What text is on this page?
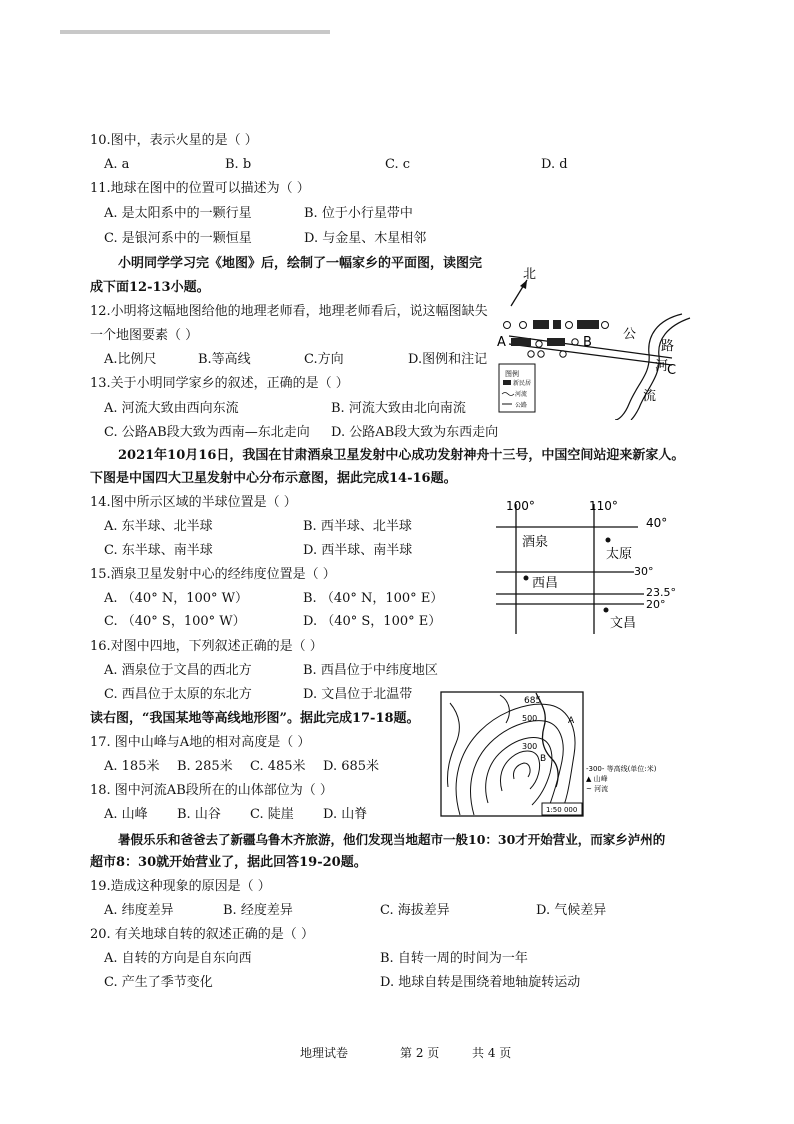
10.图中，表示火星的是（ ）
A. a	B. b	C. c	D. d
11.地球在图中的位置可以描述为（ ）
A. 是太阳系中的一颗行星	B. 位于小行星带中
C. 是银河系中的一颗恒星	D. 与金星、木星相邻
小明同学学习完《地图》后，绘制了一幅家乡的平面图，读图完
成下面12-13小题。
12.小明将这幅地图给他的地理老师看，地理老师看后，说这幅图缺失
一个地图要素（ ）
A.比例尺	B.等高线	C.方向	D.图例和注记
13.关于小明同学家乡的叙述，正确的是（ ）
A. 河流大致由西向东流	B. 河流大致由北向南流
C. 公路AB段大致为西南—东北走向 D. 公路AB段大致为东西走向
2021年10月16日，我国在甘肃酒泉卫星发射中心成功发射神舟十三号，中国空间站迎来新家人。
下图是中国四大卫星发射中心分布示意图，据此完成14-16题。
14.图中所示区域的半球位置是（ ）
A. 东半球、北半球	B. 西半球、北半球
C. 东半球、南半球	D. 西半球、南半球
15.酒泉卫星发射中心的经纬度位置是（ ）
A. （40° N，100° W）	B. （40° N，100° E）
C. （40° S，100° W）	D. （40° S，100° E）
16.对图中四地，下列叙述正确的是（ ）
A. 酒泉位于文昌的西北方	B. 西昌位于中纬度地区
C. 西昌位于太原的东北方	D. 文昌位于北温带
读右图，“我国某地等高线地形图”。据此完成17-18题。
17. 图中山峰与A地的相对高度是（ ）
A. 185米 B. 285米 C. 485米 D. 685米
18. 图中河流AB段所在的山体部位为（ ）
A. 山峰 B. 山谷 C. 陡崖 D. 山脊
暑假乐乐和爸爸去了新疆乌鲁木齐旅游，他们发现当地超市一般10：30才开始营业，而家乡泸州的
超市8：30就开始营业了，据此回答19-20题。
19.造成这种现象的原因是（ ）
A. 纬度差异	B. 经度差异	C. 海拔差异	D. 气候差异
20. 有关地球自转的叙述正确的是（ ）
A. 自转的方向是自东向西	B. 自转一周的时间为一年
C. 产生了季节变化	D. 地球自转是围绕着地轴旋转运动
北
A	B
公
路
河
C
流
图例
新民居
河流
公路
100°	110°
40°
30°
23.5°
20°
酒泉
太原
西昌
文昌
685
500
300
A
B
-300- 等高线(单位:米)
▲ 山峰
~ 河流
1:50 000
地理试卷	第 2 页	共 4 页
